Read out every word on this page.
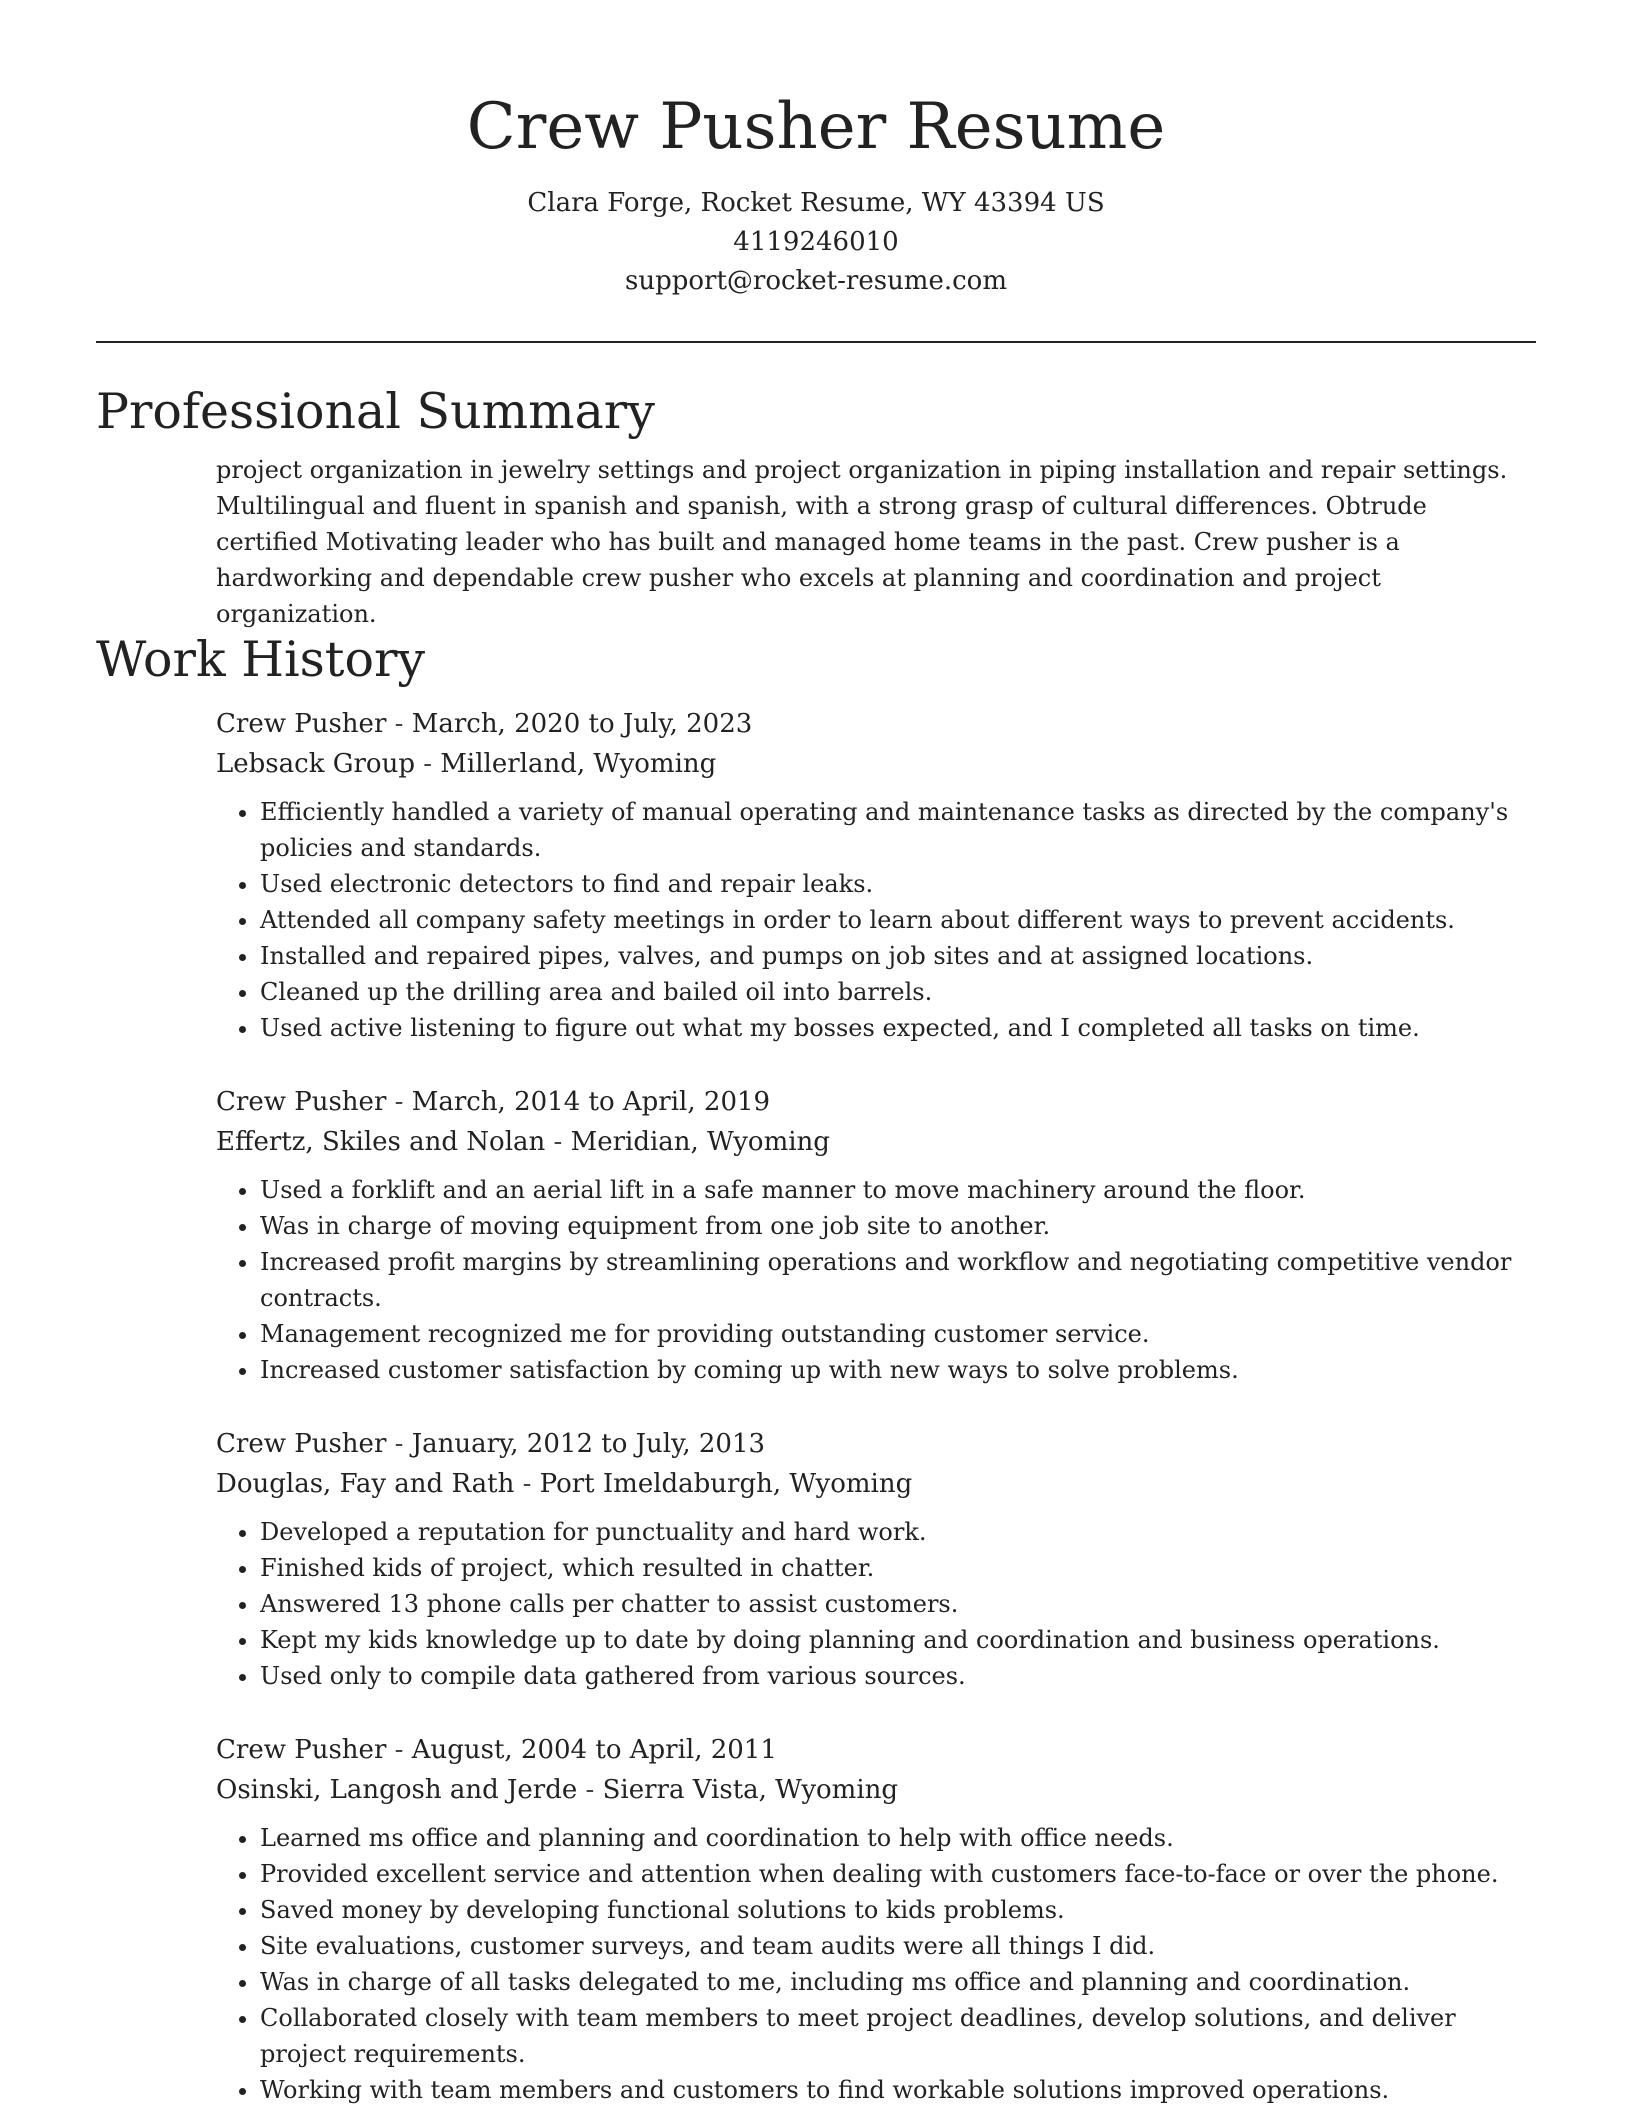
Crew Pusher Resume
Clara Forge, Rocket Resume, WY 43394 US
4119246010
support@rocket-resume.com
Professional Summary
project organization in jewelry settings and project organization in piping installation and repair settings. Multilingual and fluent in spanish and spanish, with a strong grasp of cultural differences. Obtrude certified Motivating leader who has built and managed home teams in the past. Crew pusher is a hardworking and dependable crew pusher who excels at planning and coordination and project organization.
Work History
Crew Pusher - March, 2020 to July, 2023
Lebsack Group - Millerland, Wyoming
• Efficiently handled a variety of manual operating and maintenance tasks as directed by the company's policies and standards.
• Used electronic detectors to find and repair leaks.
• Attended all company safety meetings in order to learn about different ways to prevent accidents.
• Installed and repaired pipes, valves, and pumps on job sites and at assigned locations.
• Cleaned up the drilling area and bailed oil into barrels.
• Used active listening to figure out what my bosses expected, and I completed all tasks on time.
Crew Pusher - March, 2014 to April, 2019
Effertz, Skiles and Nolan - Meridian, Wyoming
• Used a forklift and an aerial lift in a safe manner to move machinery around the floor.
• Was in charge of moving equipment from one job site to another.
• Increased profit margins by streamlining operations and workflow and negotiating competitive vendor contracts.
• Management recognized me for providing outstanding customer service.
• Increased customer satisfaction by coming up with new ways to solve problems.
Crew Pusher - January, 2012 to July, 2013
Douglas, Fay and Rath - Port Imeldaburgh, Wyoming
• Developed a reputation for punctuality and hard work.
• Finished kids of project, which resulted in chatter.
• Answered 13 phone calls per chatter to assist customers.
• Kept my kids knowledge up to date by doing planning and coordination and business operations.
• Used only to compile data gathered from various sources.
Crew Pusher - August, 2004 to April, 2011
Osinski, Langosh and Jerde - Sierra Vista, Wyoming
• Learned ms office and planning and coordination to help with office needs.
• Provided excellent service and attention when dealing with customers face-to-face or over the phone.
• Saved money by developing functional solutions to kids problems.
• Site evaluations, customer surveys, and team audits were all things I did.
• Was in charge of all tasks delegated to me, including ms office and planning and coordination.
• Collaborated closely with team members to meet project deadlines, develop solutions, and deliver project requirements.
• Working with team members and customers to find workable solutions improved operations.
